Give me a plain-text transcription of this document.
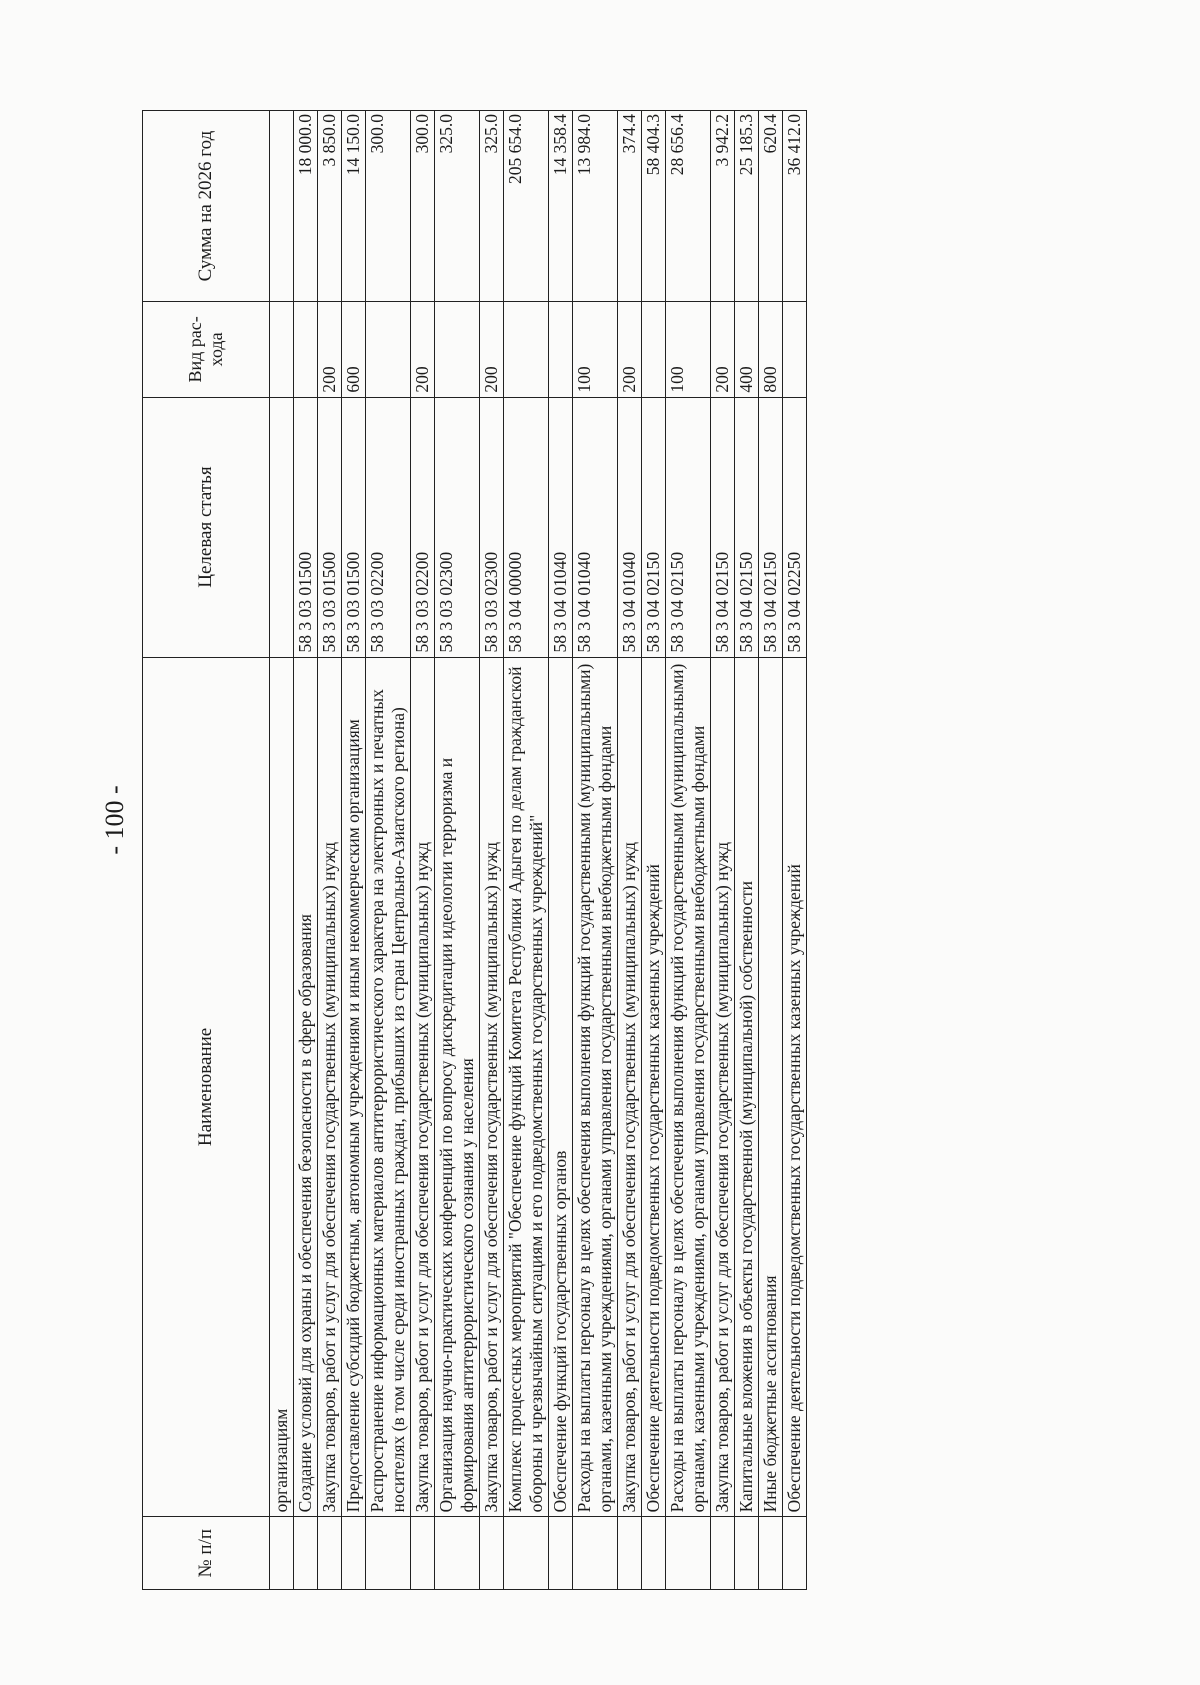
- 100 -
№ п/п	Наименование	Целевая статья	Вид рас- хода	Сумма на 2026 год
	организациям			
	Создание условий для охраны и обеспечения безопасности в сфере образования	58 3 03 01500		18 000.0
	Закупка товаров, работ и услуг для обеспечения государственных (муниципальных) нужд	58 3 03 01500	200	3 850.0
	Предоставление субсидий бюджетным, автономным учреждениям и иным некоммерческим организациям	58 3 03 01500	600	14 150.0
	Распространение информационных материалов антитеррористического характера на электронных и печатных носителях (в том числе среди иностранных граждан, прибывших из стран Центрально-Азиатского региона)	58 3 03 02200		300.0
	Закупка товаров, работ и услуг для обеспечения государственных (муниципальных) нужд	58 3 03 02200	200	300.0
	Организация научно-практических конференций по вопросу дискредитации идеологии терроризма и формирования антитеррористического сознания у населения	58 3 03 02300		325.0
	Закупка товаров, работ и услуг для обеспечения государственных (муниципальных) нужд	58 3 03 02300	200	325.0
	Комплекс процессных мероприятий "Обеспечение функций Комитета Республики Адыгея по делам гражданской обороны и чрезвычайным ситуациям и его подведомственных государственных учреждений"	58 3 04 00000		205 654.0
	Обеспечение функций государственных органов	58 3 04 01040		14 358.4
	Расходы на выплаты персоналу в целях обеспечения выполнения функций государственными (муниципальными) органами, казенными учреждениями, органами управления государственными внебюджетными фондами	58 3 04 01040	100	13 984.0
	Закупка товаров, работ и услуг для обеспечения государственных (муниципальных) нужд	58 3 04 01040	200	374.4
	Обеспечение деятельности подведомственных государственных казенных учреждений	58 3 04 02150		58 404.3
	Расходы на выплаты персоналу в целях обеспечения выполнения функций государственными (муниципальными) органами, казенными учреждениями, органами управления государственными внебюджетными фондами	58 3 04 02150	100	28 656.4
	Закупка товаров, работ и услуг для обеспечения государственных (муниципальных) нужд	58 3 04 02150	200	3 942.2
	Капитальные вложения в объекты государственной (муниципальной) собственности	58 3 04 02150	400	25 185.3
	Иные бюджетные ассигнования	58 3 04 02150	800	620.4
	Обеспечение деятельности подведомственных государственных казенных учреждений	58 3 04 02250		36 412.0
